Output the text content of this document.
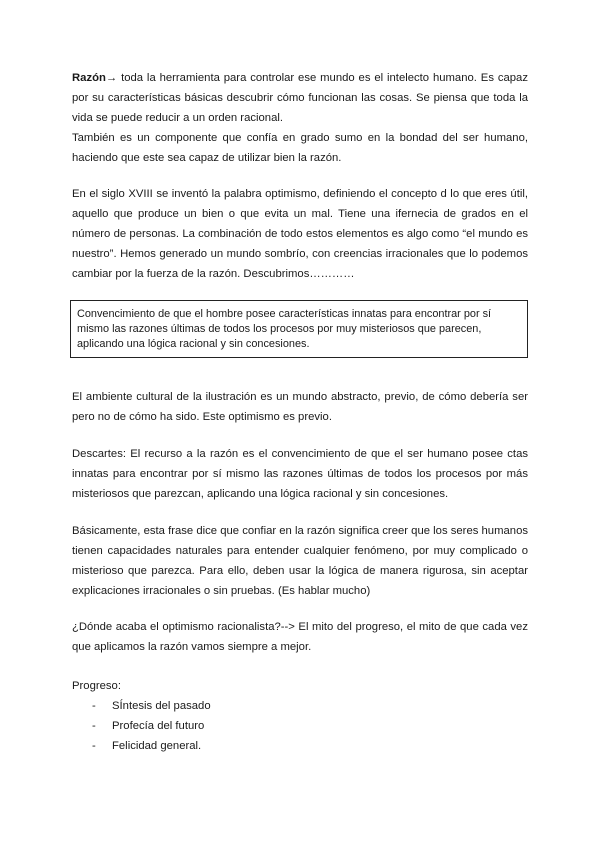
Razón→ toda la herramienta para controlar ese mundo es el intelecto humano. Es capaz por su características básicas descubrir cómo funcionan las cosas. Se piensa que toda la vida se puede reducir a un orden racional.

También es un componente que confía en grado sumo en la bondad del ser humano, haciendo que este sea capaz de utilizar bien la razón.

En el siglo XVIII se inventó la palabra optimismo, definiendo el concepto d lo que eres útil, aquello que produce un bien o que evita un mal. Tiene una ifernecia de grados en el número de personas. La combinación de todo estos elementos es algo como “el mundo es nuestro”. Hemos generado un mundo sombrío, con creencias irracionales que lo podemos cambiar por la fuerza de la razón. Descubrimos…………

Convencimiento de que el hombre posee características innatas para encontrar por sí mismo las razones últimas de todos los procesos por muy misteriosos que parecen, aplicando una lógica racional y sin concesiones.

El ambiente cultural de la ilustración es un mundo abstracto, previo, de cómo debería ser pero no de cómo ha sido. Este optimismo es previo.

Descartes: El recurso a la razón es el convencimiento de que el ser humano posee ctas innatas para encontrar por sí mismo las razones últimas de todos los procesos por más misteriosos que parezcan, aplicando una lógica racional y sin concesiones.

Básicamente, esta frase dice que confiar en la razón significa creer que los seres humanos tienen capacidades naturales para entender cualquier fenómeno, por muy complicado o misterioso que parezca. Para ello, deben usar la lógica de manera rigurosa, sin aceptar explicaciones irracionales o sin pruebas. (Es hablar mucho)

¿Dónde acaba el optimismo racionalista?--> El mito del progreso, el mito de que cada vez que aplicamos la razón vamos siempre a mejor.

Progreso:
- SÍntesis del pasado
- Profecía del futuro
- Felicidad general.
